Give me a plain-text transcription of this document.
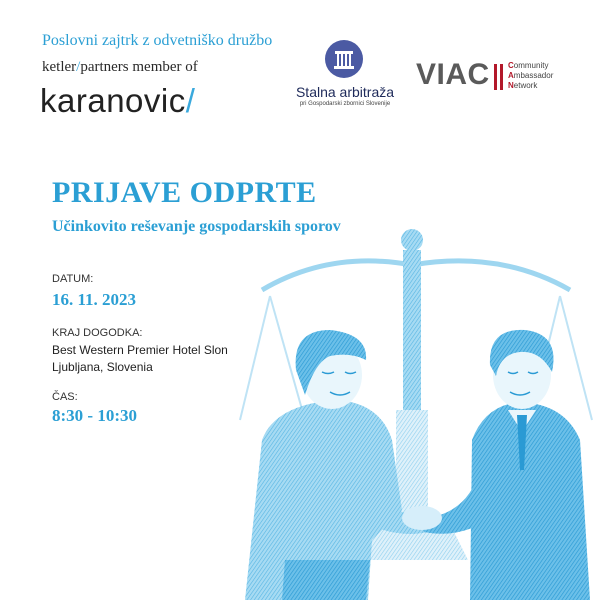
Poslovni zajtrk z odvetniško družbo
ketler/partners member of
karanovic/	Stalna arbitraža
pri Gospodarski zbornici Slovenije
VIAC Community
Ambassador
Network
PRIJAVE ODPRTE
Učinkovito reševanje gospodarskih sporov
DATUM:
16. 11. 2023
KRAJ DOGODKA:
Best Western Premier Hotel Slon
Ljubljana, Slovenia
ČAS:
8:30 - 10:30
